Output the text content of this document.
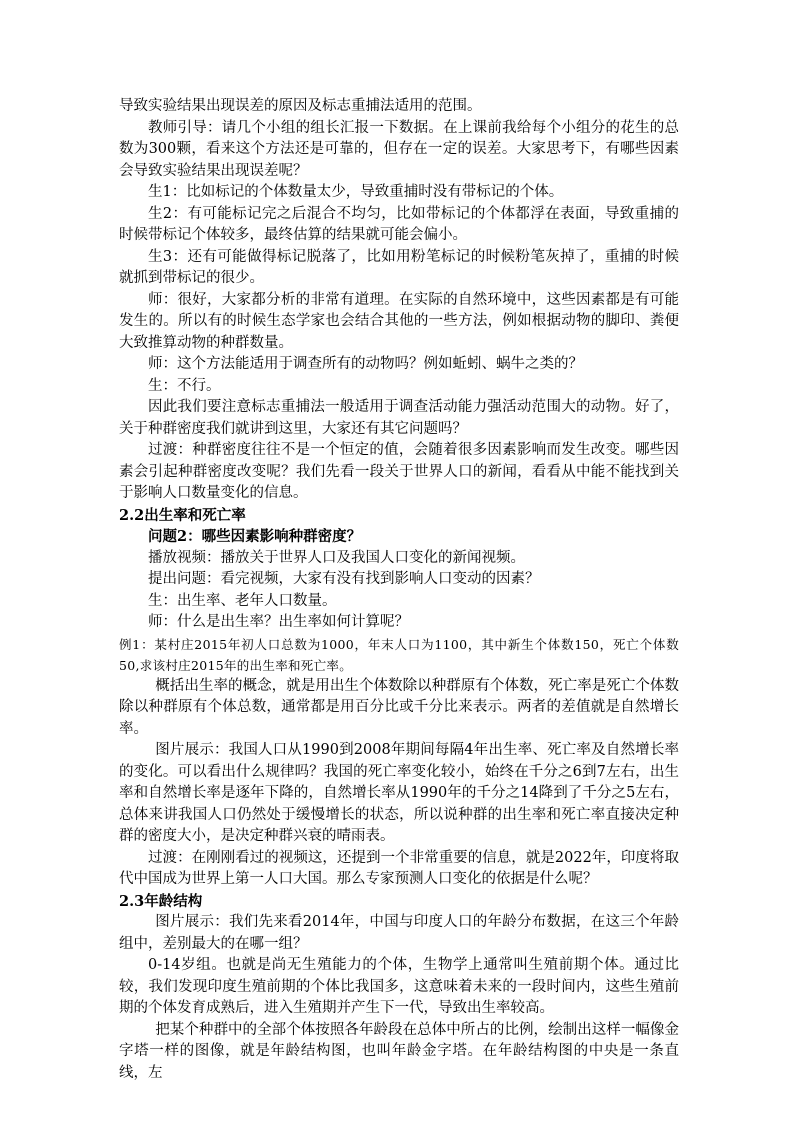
导致实验结果出现误差的原因及标志重捕法适用的范围。

教师引导：请几个小组的组长汇报一下数据。在上课前我给每个小组分的花生的总数为300颗，看来这个方法还是可靠的，但存在一定的误差。大家思考下，有哪些因素会导致实验结果出现误差呢？

生1：比如标记的个体数量太少，导致重捕时没有带标记的个体。

生2：有可能标记完之后混合不均匀，比如带标记的个体都浮在表面，导致重捕的时候带标记个体较多，最终估算的结果就可能会偏小。

生3：还有可能做得标记脱落了，比如用粉笔标记的时候粉笔灰掉了，重捕的时候就抓到带标记的很少。

师：很好，大家都分析的非常有道理。在实际的自然环境中，这些因素都是有可能发生的。所以有的时候生态学家也会结合其他的一些方法，例如根据动物的脚印、粪便大致推算动物的种群数量。

师：这个方法能适用于调查所有的动物吗？例如蚯蚓、蜗牛之类的？

生：不行。

因此我们要注意标志重捕法一般适用于调查活动能力强活动范围大的动物。好了，关于种群密度我们就讲到这里，大家还有其它问题吗？

过渡：种群密度往往不是一个恒定的值，会随着很多因素影响而发生改变。哪些因素会引起种群密度改变呢？我们先看一段关于世界人口的新闻，看看从中能不能找到关于影响人口数量变化的信息。

2.2出生率和死亡率

问题2：哪些因素影响种群密度？

播放视频：播放关于世界人口及我国人口变化的新闻视频。

提出问题：看完视频，大家有没有找到影响人口变动的因素？

生：出生率、老年人口数量。

师：什么是出生率？出生率如何计算呢？

例1：某村庄2015年初人口总数为1000，年末人口为1100，其中新生个体数150，死亡个体数50,求该村庄2015年的出生率和死亡率。

概括出生率的概念，就是用出生个体数除以种群原有个体数，死亡率是死亡个体数除以种群原有个体总数，通常都是用百分比或千分比来表示。两者的差值就是自然增长率。

图片展示：我国人口从1990到2008年期间每隔4年出生率、死亡率及自然增长率的变化。可以看出什么规律吗？我国的死亡率变化较小，始终在千分之6到7左右，出生率和自然增长率是逐年下降的，自然增长率从1990年的千分之14降到了千分之5左右，总体来讲我国人口仍然处于缓慢增长的状态，所以说种群的出生率和死亡率直接决定种群的密度大小，是决定种群兴衰的晴雨表。

过渡：在刚刚看过的视频这，还提到一个非常重要的信息，就是2022年，印度将取代中国成为世界上第一人口大国。那么专家预测人口变化的依据是什么呢？

2.3年龄结构

图片展示：我们先来看2014年，中国与印度人口的年龄分布数据，在这三个年龄组中，差别最大的在哪一组？

0-14岁组。也就是尚无生殖能力的个体，生物学上通常叫生殖前期个体。通过比较，我们发现印度生殖前期的个体比我国多，这意味着未来的一段时间内，这些生殖前期的个体发育成熟后，进入生殖期并产生下一代，导致出生率较高。

把某个种群中的全部个体按照各年龄段在总体中所占的比例，绘制出这样一幅像金字塔一样的图像，就是年龄结构图，也叫年龄金字塔。在年龄结构图的中央是一条直线，左
